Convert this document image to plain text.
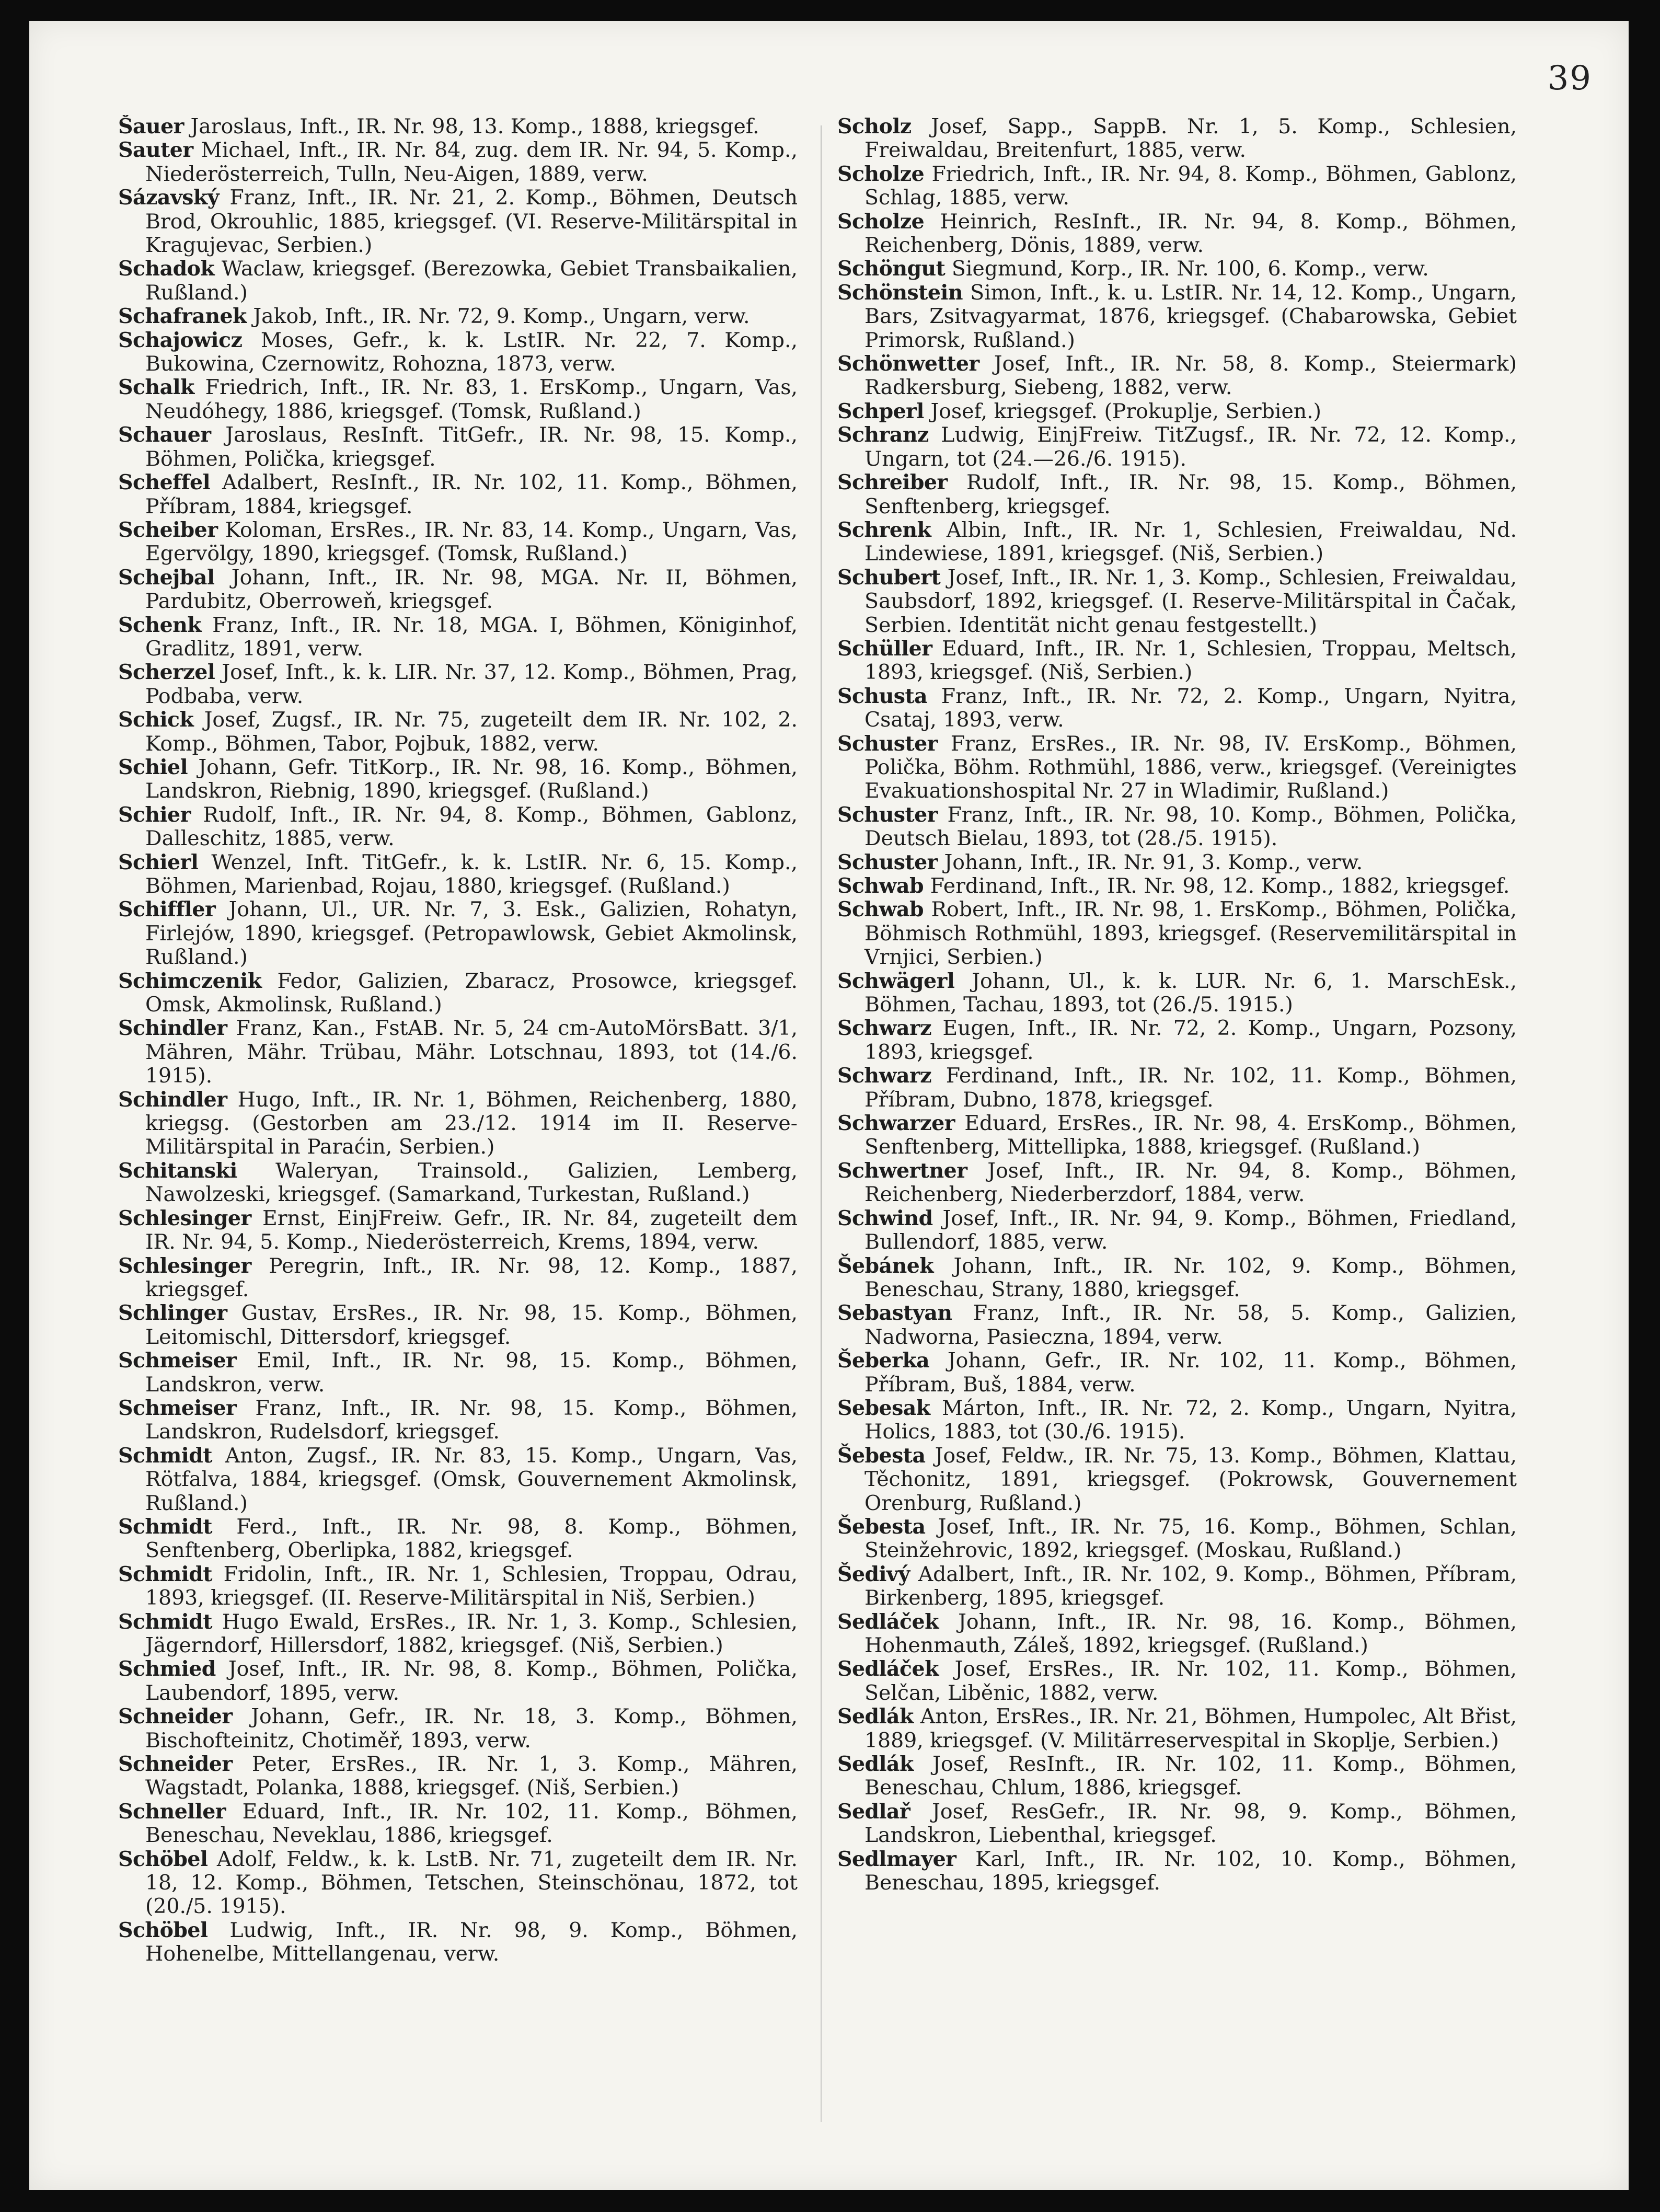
39
Šauer Jaroslaus, Inft., IR. Nr. 98, 13. Komp., 1888, kriegsgef.
Sauter Michael, Inft., IR. Nr. 84, zug. dem IR. Nr. 94, 5. Komp., Niederösterreich, Tulln, Neu-Aigen, 1889, verw.
Sázavský Franz, Inft., IR. Nr. 21, 2. Komp., Böhmen, Deutsch Brod, Okrouhlic, 1885, kriegsgef. (VI. Reserve-Militärspital in Kragujevac, Serbien.)
Schadok Waclaw, kriegsgef. (Berezowka, Gebiet Transbaikalien, Rußland.)
Schafranek Jakob, Inft., IR. Nr. 72, 9. Komp., Ungarn, verw.
Schajowicz Moses, Gefr., k. k. LstIR. Nr. 22, 7. Komp., Bukowina, Czernowitz, Rohozna, 1873, verw.
Schalk Friedrich, Inft., IR. Nr. 83, 1. ErsKomp., Ungarn, Vas, Neudóhegy, 1886, kriegsgef. (Tomsk, Rußland.)
Schauer Jaroslaus, ResInft. TitGefr., IR. Nr. 98, 15. Komp., Böhmen, Polička, kriegsgef.
Scheffel Adalbert, ResInft., IR. Nr. 102, 11. Komp., Böhmen, Příbram, 1884, kriegsgef.
Scheiber Koloman, ErsRes., IR. Nr. 83, 14. Komp., Ungarn, Vas, Egervölgy, 1890, kriegsgef. (Tomsk, Rußland.)
Schejbal Johann, Inft., IR. Nr. 98, MGA. Nr. II, Böhmen, Pardubitz, Oberroweň, kriegsgef.
Schenk Franz, Inft., IR. Nr. 18, MGA. I, Böhmen, Königinhof, Gradlitz, 1891, verw.
Scherzel Josef, Inft., k. k. LIR. Nr. 37, 12. Komp., Böhmen, Prag, Podbaba, verw.
Schick Josef, Zugsf., IR. Nr. 75, zugeteilt dem IR. Nr. 102, 2. Komp., Böhmen, Tabor, Pojbuk, 1882, verw.
Schiel Johann, Gefr. TitKorp., IR. Nr. 98, 16. Komp., Böhmen, Landskron, Riebnig, 1890, kriegsgef. (Rußland.)
Schier Rudolf, Inft., IR. Nr. 94, 8. Komp., Böhmen, Gablonz, Dalleschitz, 1885, verw.
Schierl Wenzel, Inft. TitGefr., k. k. LstIR. Nr. 6, 15. Komp., Böhmen, Marienbad, Rojau, 1880, kriegsgef. (Rußland.)
Schiffler Johann, Ul., UR. Nr. 7, 3. Esk., Galizien, Rohatyn, Firlejów, 1890, kriegsgef. (Petropawlowsk, Gebiet Akmolinsk, Rußland.)
Schimczenik Fedor, Galizien, Zbaracz, Prosowce, kriegsgef. Omsk, Akmolinsk, Rußland.)
Schindler Franz, Kan., FstAB. Nr. 5, 24 cm-AutoMörsBatt. 3/1, Mähren, Mähr. Trübau, Mähr. Lotschnau, 1893, tot (14./6. 1915).
Schindler Hugo, Inft., IR. Nr. 1, Böhmen, Reichenberg, 1880, kriegsg. (Gestorben am 23./12. 1914 im II. Reserve-Militärspital in Paraćin, Serbien.)
Schitanski Waleryan, Trainsold., Galizien, Lemberg, Nawolzeski, kriegsgef. (Samarkand, Turkestan, Rußland.)
Schlesinger Ernst, EinjFreiw. Gefr., IR. Nr. 84, zugeteilt dem IR. Nr. 94, 5. Komp., Niederösterreich, Krems, 1894, verw.
Schlesinger Peregrin, Inft., IR. Nr. 98, 12. Komp., 1887, kriegsgef.
Schlinger Gustav, ErsRes., IR. Nr. 98, 15. Komp., Böhmen, Leitomischl, Dittersdorf, kriegsgef.
Schmeiser Emil, Inft., IR. Nr. 98, 15. Komp., Böhmen, Landskron, verw.
Schmeiser Franz, Inft., IR. Nr. 98, 15. Komp., Böhmen, Landskron, Rudelsdorf, kriegsgef.
Schmidt Anton, Zugsf., IR. Nr. 83, 15. Komp., Ungarn, Vas, Rötfalva, 1884, kriegsgef. (Omsk, Gouvernement Akmolinsk, Rußland.)
Schmidt Ferd., Inft., IR. Nr. 98, 8. Komp., Böhmen, Senftenberg, Oberlipka, 1882, kriegsgef.
Schmidt Fridolin, Inft., IR. Nr. 1, Schlesien, Troppau, Odrau, 1893, kriegsgef. (II. Reserve-Militärspital in Niš, Serbien.)
Schmidt Hugo Ewald, ErsRes., IR. Nr. 1, 3. Komp., Schlesien, Jägerndorf, Hillersdorf, 1882, kriegsgef. (Niš, Serbien.)
Schmied Josef, Inft., IR. Nr. 98, 8. Komp., Böhmen, Polička, Laubendorf, 1895, verw.
Schneider Johann, Gefr., IR. Nr. 18, 3. Komp., Böhmen, Bischofteinitz, Chotiměř, 1893, verw.
Schneider Peter, ErsRes., IR. Nr. 1, 3. Komp., Mähren, Wagstadt, Polanka, 1888, kriegsgef. (Niš, Serbien.)
Schneller Eduard, Inft., IR. Nr. 102, 11. Komp., Böhmen, Beneschau, Neveklau, 1886, kriegsgef.
Schöbel Adolf, Feldw., k. k. LstB. Nr. 71, zugeteilt dem IR. Nr. 18, 12. Komp., Böhmen, Tetschen, Steinschönau, 1872, tot (20./5. 1915).
Schöbel Ludwig, Inft., IR. Nr. 98, 9. Komp., Böhmen, Hohenelbe, Mittellangenau, verw.
Scholz Josef, Sapp., SappB. Nr. 1, 5. Komp., Schlesien, Freiwaldau, Breitenfurt, 1885, verw.
Scholze Friedrich, Inft., IR. Nr. 94, 8. Komp., Böhmen, Gablonz, Schlag, 1885, verw.
Scholze Heinrich, ResInft., IR. Nr. 94, 8. Komp., Böhmen, Reichenberg, Dönis, 1889, verw.
Schöngut Siegmund, Korp., IR. Nr. 100, 6. Komp., verw.
Schönstein Simon, Inft., k. u. LstIR. Nr. 14, 12. Komp., Ungarn, Bars, Zsitvagyarmat, 1876, kriegsgef. (Chabarowska, Gebiet Primorsk, Rußland.)
Schönwetter Josef, Inft., IR. Nr. 58, 8. Komp., Steiermark) Radkersburg, Siebeng, 1882, verw.
Schperl Josef, kriegsgef. (Prokuplje, Serbien.)
Schranz Ludwig, EinjFreiw. TitZugsf., IR. Nr. 72, 12. Komp., Ungarn, tot (24.—26./6. 1915).
Schreiber Rudolf, Inft., IR. Nr. 98, 15. Komp., Böhmen, Senftenberg, kriegsgef.
Schrenk Albin, Inft., IR. Nr. 1, Schlesien, Freiwaldau, Nd. Lindewiese, 1891, kriegsgef. (Niš, Serbien.)
Schubert Josef, Inft., IR. Nr. 1, 3. Komp., Schlesien, Freiwaldau, Saubsdorf, 1892, kriegsgef. (I. Reserve-Militärspital in Čačak, Serbien. Identität nicht genau festgestellt.)
Schüller Eduard, Inft., IR. Nr. 1, Schlesien, Troppau, Meltsch, 1893, kriegsgef. (Niš, Serbien.)
Schusta Franz, Inft., IR. Nr. 72, 2. Komp., Ungarn, Nyitra, Csataj, 1893, verw.
Schuster Franz, ErsRes., IR. Nr. 98, IV. ErsKomp., Böhmen, Polička, Böhm. Rothmühl, 1886, verw., kriegsgef. (Vereinigtes Evakuationshospital Nr. 27 in Wladimir, Rußland.)
Schuster Franz, Inft., IR. Nr. 98, 10. Komp., Böhmen, Polička, Deutsch Bielau, 1893, tot (28./5. 1915).
Schuster Johann, Inft., IR. Nr. 91, 3. Komp., verw.
Schwab Ferdinand, Inft., IR. Nr. 98, 12. Komp., 1882, kriegsgef.
Schwab Robert, Inft., IR. Nr. 98, 1. ErsKomp., Böhmen, Polička, Böhmisch Rothmühl, 1893, kriegsgef. (Reservemilitärspital in Vrnjici, Serbien.)
Schwägerl Johann, Ul., k. k. LUR. Nr. 6, 1. MarschEsk., Böhmen, Tachau, 1893, tot (26./5. 1915.)
Schwarz Eugen, Inft., IR. Nr. 72, 2. Komp., Ungarn, Pozsony, 1893, kriegsgef.
Schwarz Ferdinand, Inft., IR. Nr. 102, 11. Komp., Böhmen, Příbram, Dubno, 1878, kriegsgef.
Schwarzer Eduard, ErsRes., IR. Nr. 98, 4. ErsKomp., Böhmen, Senftenberg, Mittellipka, 1888, kriegsgef. (Rußland.)
Schwertner Josef, Inft., IR. Nr. 94, 8. Komp., Böhmen, Reichenberg, Niederberzdorf, 1884, verw.
Schwind Josef, Inft., IR. Nr. 94, 9. Komp., Böhmen, Friedland, Bullendorf, 1885, verw.
Šebánek Johann, Inft., IR. Nr. 102, 9. Komp., Böhmen, Beneschau, Strany, 1880, kriegsgef.
Sebastyan Franz, Inft., IR. Nr. 58, 5. Komp., Galizien, Nadworna, Pasieczna, 1894, verw.
Šeberka Johann, Gefr., IR. Nr. 102, 11. Komp., Böhmen, Příbram, Buš, 1884, verw.
Sebesak Márton, Inft., IR. Nr. 72, 2. Komp., Ungarn, Nyitra, Holics, 1883, tot (30./6. 1915).
Šebesta Josef, Feldw., IR. Nr. 75, 13. Komp., Böhmen, Klattau, Těchonitz, 1891, kriegsgef. (Pokrowsk, Gouvernement Orenburg, Rußland.)
Šebesta Josef, Inft., IR. Nr. 75, 16. Komp., Böhmen, Schlan, Steinžehrovic, 1892, kriegsgef. (Moskau, Rußland.)
Šedivý Adalbert, Inft., IR. Nr. 102, 9. Komp., Böhmen, Příbram, Birkenberg, 1895, kriegsgef.
Sedláček Johann, Inft., IR. Nr. 98, 16. Komp., Böhmen, Hohenmauth, Záleš, 1892, kriegsgef. (Rußland.)
Sedláček Josef, ErsRes., IR. Nr. 102, 11. Komp., Böhmen, Selčan, Liběnic, 1882, verw.
Sedlák Anton, ErsRes., IR. Nr. 21, Böhmen, Humpolec, Alt Břist, 1889, kriegsgef. (V. Militärreservespital in Skoplje, Serbien.)
Sedlák Josef, ResInft., IR. Nr. 102, 11. Komp., Böhmen, Beneschau, Chlum, 1886, kriegsgef.
Sedlař Josef, ResGefr., IR. Nr. 98, 9. Komp., Böhmen, Landskron, Liebenthal, kriegsgef.
Sedlmayer Karl, Inft., IR. Nr. 102, 10. Komp., Böhmen, Beneschau, 1895, kriegsgef.
